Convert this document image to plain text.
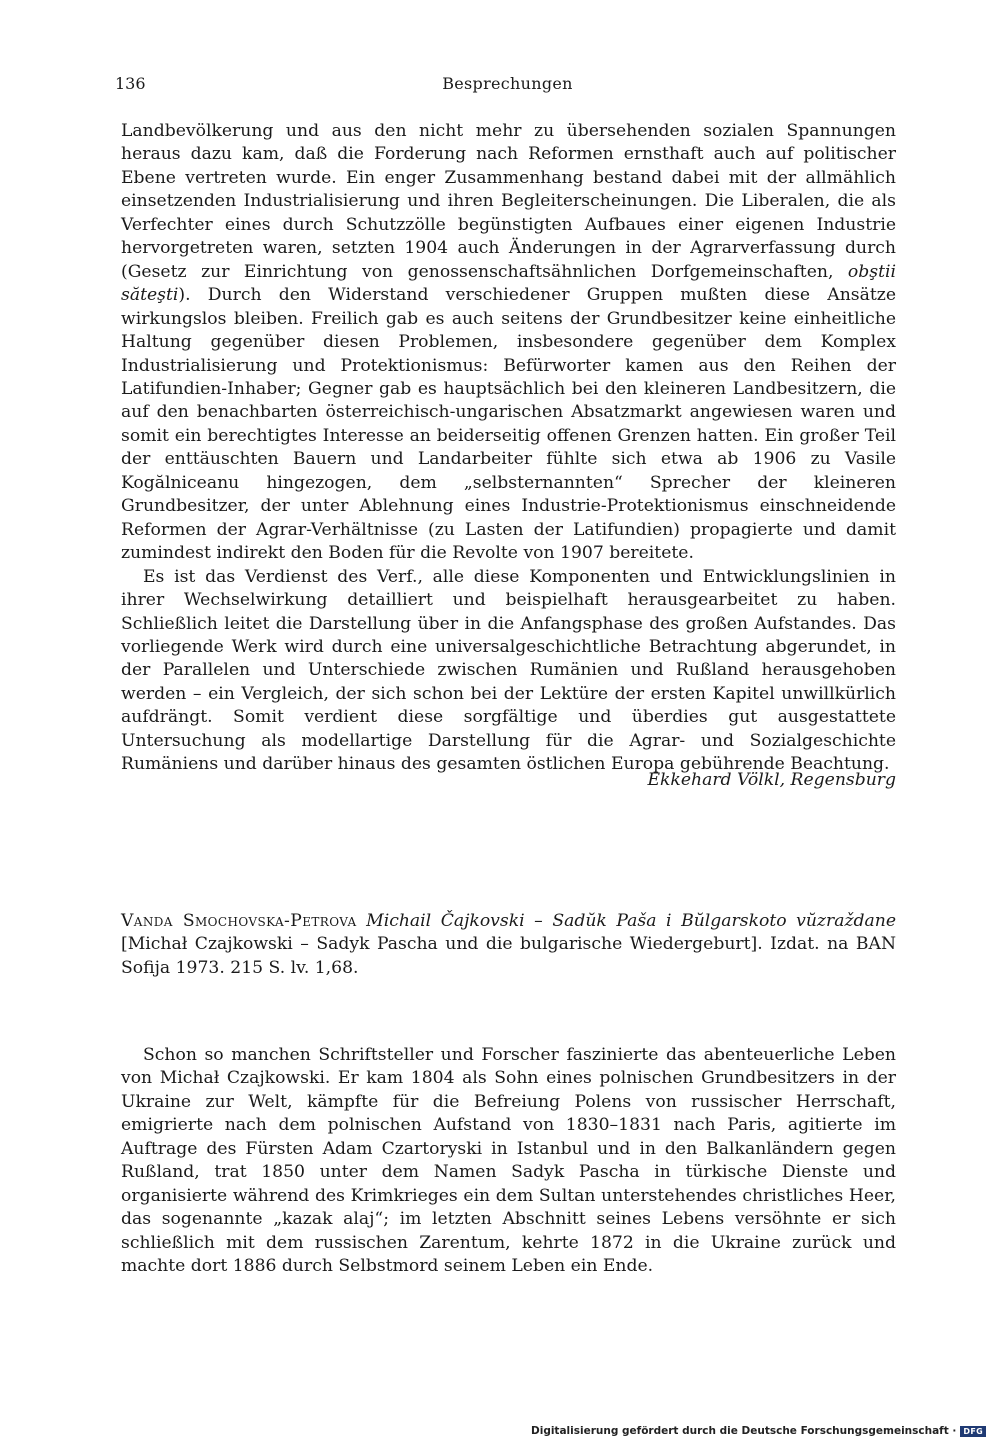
136	Besprechungen

Landbevölkerung und aus den nicht mehr zu übersehenden sozialen Spannungen heraus dazu kam, daß die Forderung nach Reformen ernsthaft auch auf politischer Ebene vertreten wurde. Ein enger Zusammenhang bestand dabei mit der allmählich einsetzenden Industrialisierung und ihren Begleiterscheinungen. Die Liberalen, die als Verfechter eines durch Schutzzölle begünstigten Aufbaues einer eigenen Industrie hervorgetreten waren, setzten 1904 auch Änderungen in der Agrarverfassung durch (Gesetz zur Einrichtung von genossenschaftsähnlichen Dorfgemeinschaften, obştii săteşti). Durch den Widerstand verschiedener Gruppen mußten diese Ansätze wirkungslos bleiben. Freilich gab es auch seitens der Grundbesitzer keine einheitliche Haltung gegenüber diesen Problemen, insbesondere gegenüber dem Komplex Industrialisierung und Protektionismus: Befürworter kamen aus den Reihen der Latifundien-Inhaber; Gegner gab es hauptsächlich bei den kleineren Landbesitzern, die auf den benachbarten österreichisch-ungarischen Absatzmarkt angewiesen waren und somit ein berechtigtes Interesse an beiderseitig offenen Grenzen hatten. Ein großer Teil der enttäuschten Bauern und Landarbeiter fühlte sich etwa ab 1906 zu Vasile Kogălniceanu hingezogen, dem „selbsternannten“ Sprecher der kleineren Grundbesitzer, der unter Ablehnung eines Industrie-Protektionismus einschneidende Reformen der Agrar-Verhältnisse (zu Lasten der Latifundien) propagierte und damit zumindest indirekt den Boden für die Revolte von 1907 bereitete.

Es ist das Verdienst des Verf., alle diese Komponenten und Entwicklungslinien in ihrer Wechselwirkung detailliert und beispielhaft herausgearbeitet zu haben. Schließlich leitet die Darstellung über in die Anfangsphase des großen Aufstandes. Das vorliegende Werk wird durch eine universalgeschichtliche Betrachtung abgerundet, in der Parallelen und Unterschiede zwischen Rumänien und Rußland herausgehoben werden – ein Vergleich, der sich schon bei der Lektüre der ersten Kapitel unwillkürlich aufdrängt. Somit verdient diese sorgfältige und überdies gut ausgestattete Untersuchung als modellartige Darstellung für die Agrar- und Sozialgeschichte Rumäniens und darüber hinaus des gesamten östlichen Europa gebührende Beachtung.

Ekkehard Völkl, Regensburg
Vanda Smochovska-Petrova Michail Čajkovski – Sadŭk Paša i Bŭlgarskoto vŭzraždane [Michał Czajkowski – Sadyk Pascha und die bulgarische Wiedergeburt]. Izdat. na BAN Sofija 1973. 215 S. lv. 1,68.

Schon so manchen Schriftsteller und Forscher faszinierte das abenteuerliche Leben von Michał Czajkowski. Er kam 1804 als Sohn eines polnischen Grundbesitzers in der Ukraine zur Welt, kämpfte für die Befreiung Polens von russischer Herrschaft, emigrierte nach dem polnischen Aufstand von 1830–1831 nach Paris, agitierte im Auftrage des Fürsten Adam Czartoryski in Istanbul und in den Balkanländern gegen Rußland, trat 1850 unter dem Namen Sadyk Pascha in türkische Dienste und organisierte während des Krimkrieges ein dem Sultan unterstehendes christliches Heer, das sogenannte „kazak alaj“; im letzten Abschnitt seines Lebens versöhnte er sich schließlich mit dem russischen Zarentum, kehrte 1872 in die Ukraine zurück und machte dort 1886 durch Selbstmord seinem Leben ein Ende.

Digitalisierung gefördert durch die Deutsche Forschungsgemeinschaft · DFG
